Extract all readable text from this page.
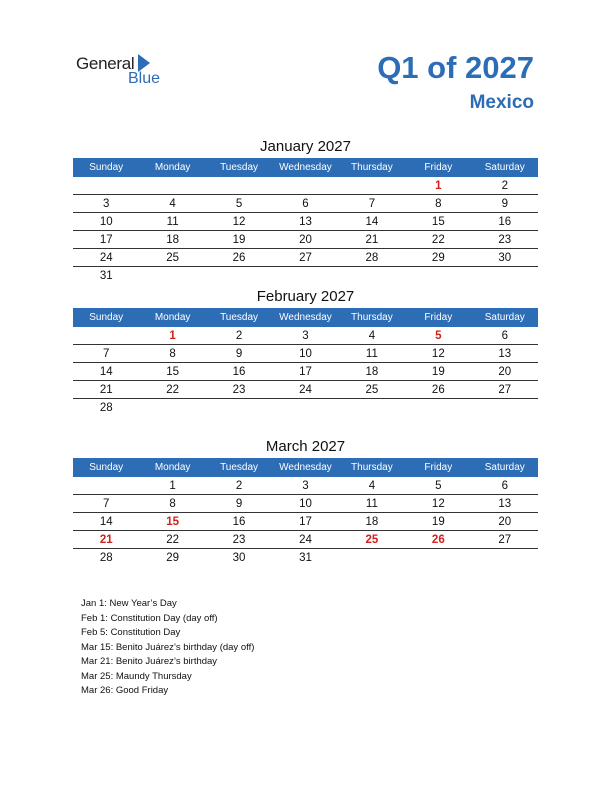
General
Blue	Q1 of 2027
Mexico
January 2027
Sunday	Monday	Tuesday	Wednesday	Thursday	Friday	Saturday
					1	2
3	4	5	6	7	8	9
10	11	12	13	14	15	16
17	18	19	20	21	22	23
24	25	26	27	28	29	30
31						
February 2027
Sunday	Monday	Tuesday	Wednesday	Thursday	Friday	Saturday
	1	2	3	4	5	6
7	8	9	10	11	12	13
14	15	16	17	18	19	20
21	22	23	24	25	26	27
28						
March 2027
Sunday	Monday	Tuesday	Wednesday	Thursday	Friday	Saturday
	1	2	3	4	5	6
7	8	9	10	11	12	13
14	15	16	17	18	19	20
21	22	23	24	25	26	27
28	29	30	31			
Jan 1: New Year’s Day
Feb 1: Constitution Day (day off)
Feb 5: Constitution Day
Mar 15: Benito Juárez’s birthday (day off)
Mar 21: Benito Juárez’s birthday
Mar 25: Maundy Thursday
Mar 26: Good Friday
